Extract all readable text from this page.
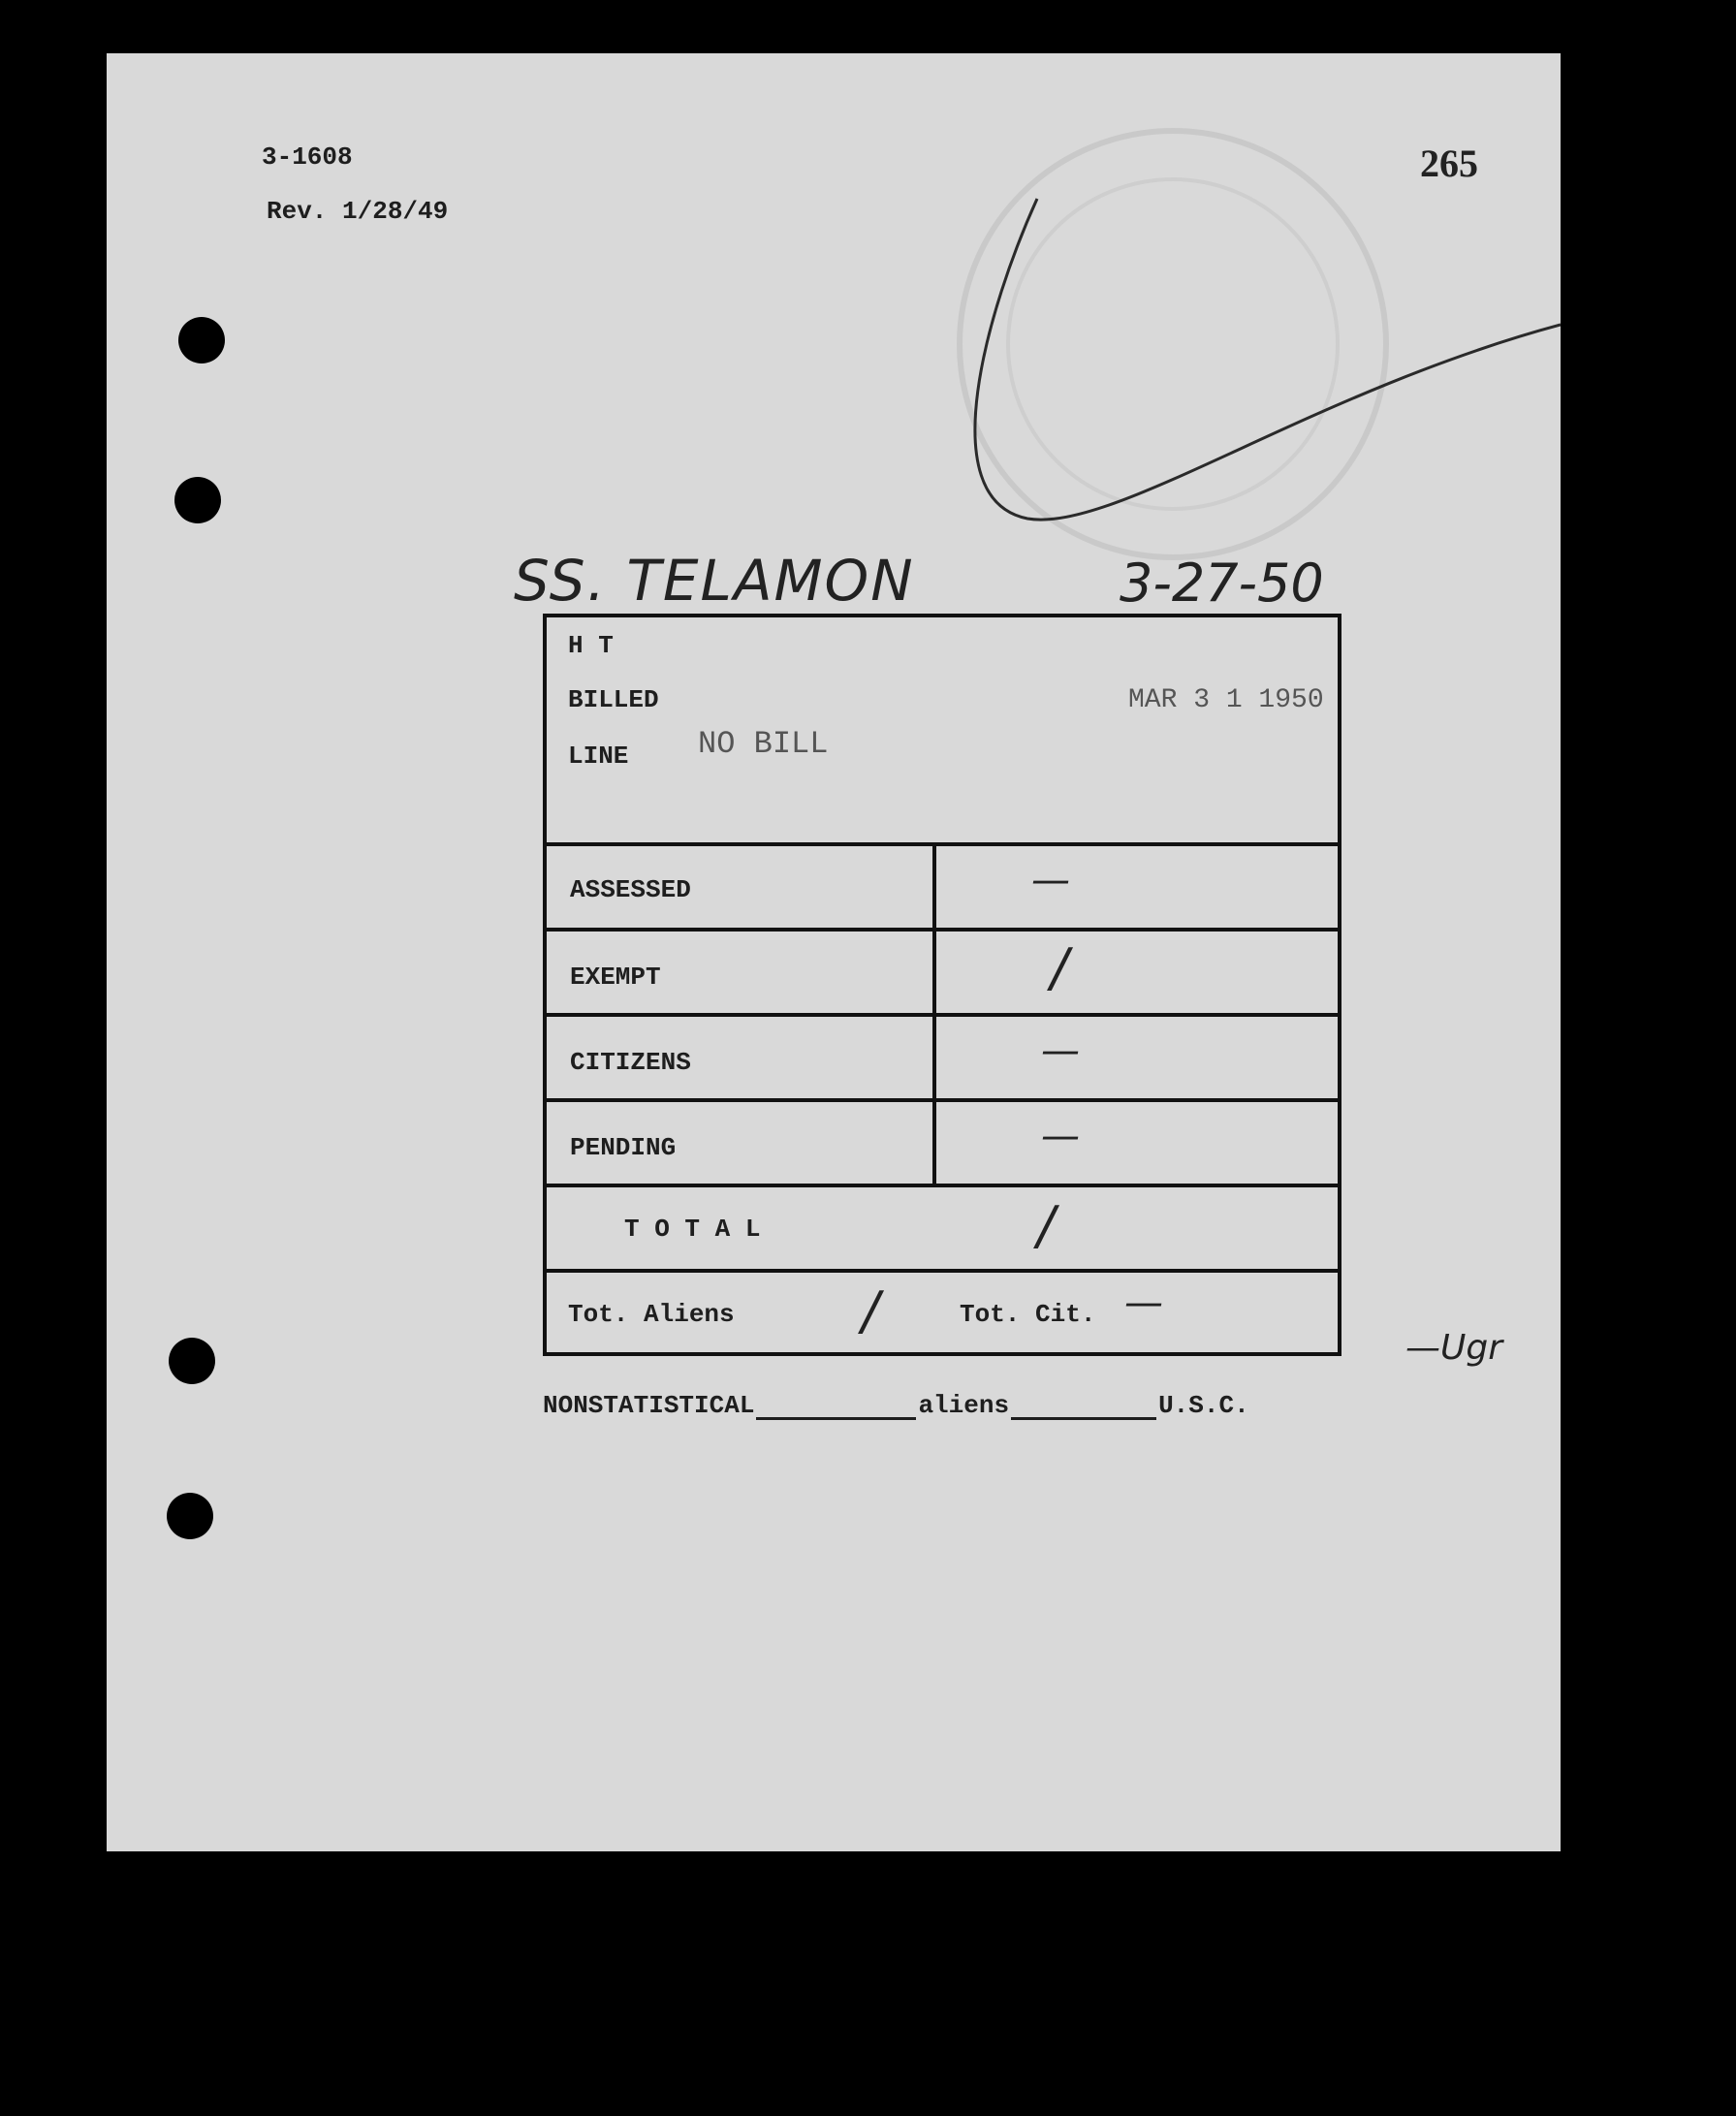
3-1608
Rev. 1/28/49
265
SS. TELAMON	3-27-50
H T
BILLED
LINE
MAR 3 1 1950
NO BILL
ASSESSED	—
EXEMPT	/
CITIZENS	—
PENDING	—
T O T A L	/
Tot. Aliens /	Tot. Cit. —
—Ugr
NONSTATISTICAL	aliens	U.S.C.
